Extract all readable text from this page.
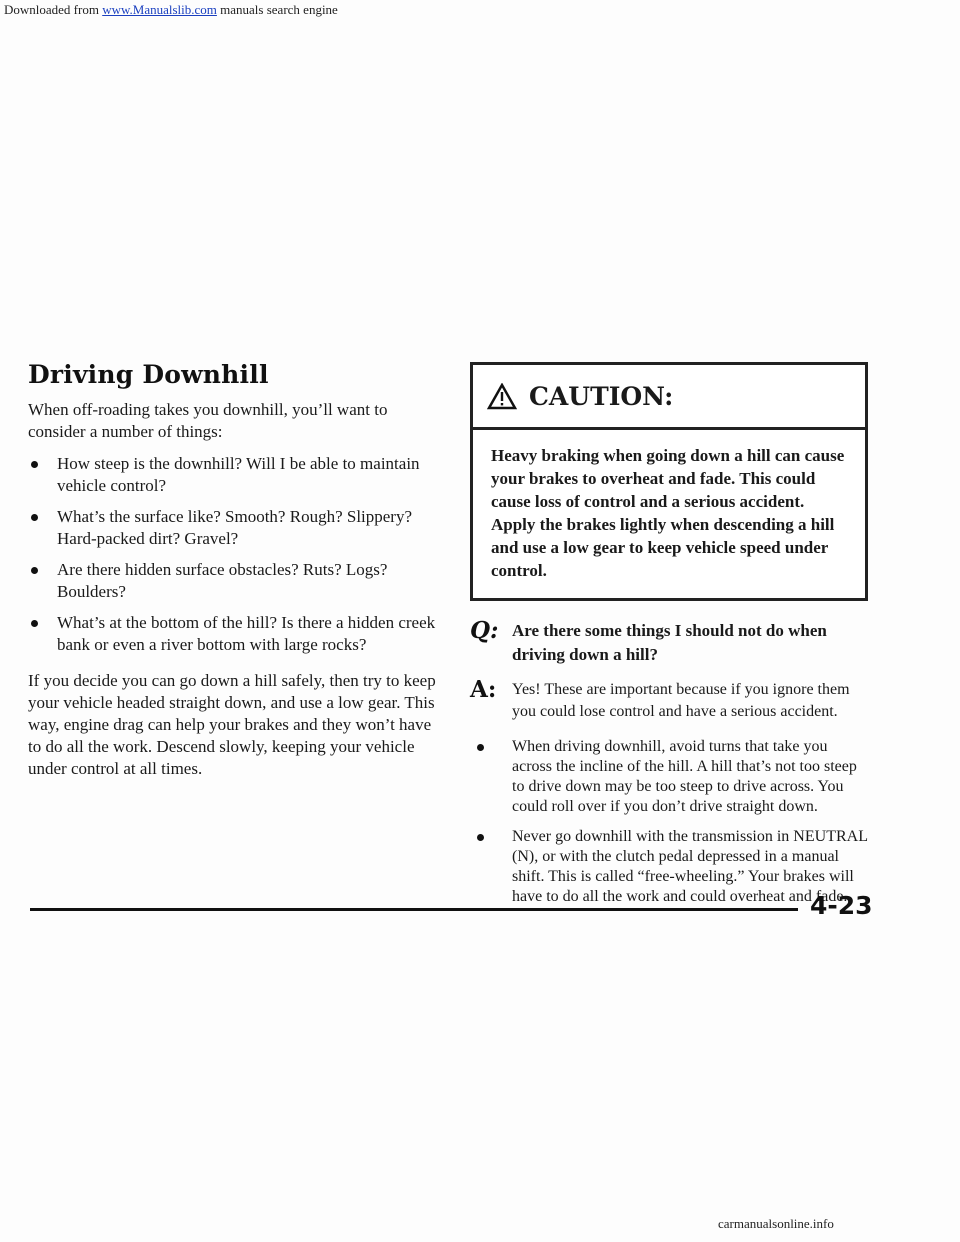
Downloaded from www.Manualslib.com manuals search engine
Driving Downhill

When off-roading takes you downhill, you’ll want to consider a number of things:

How steep is the downhill? Will I be able to maintain vehicle control?
What’s the surface like? Smooth? Rough? Slippery? Hard-packed dirt? Gravel?
Are there hidden surface obstacles? Ruts? Logs? Boulders?
What’s at the bottom of the hill? Is there a hidden creek bank or even a river bottom with large rocks?

If you decide you can go down a hill safely, then try to keep your vehicle headed straight down, and use a low gear. This way, engine drag can help your brakes and they won’t have to do all the work. Descend slowly, keeping your vehicle under control at all times.

CAUTION:
Heavy braking when going down a hill can cause your brakes to overheat and fade. This could cause loss of control and a serious accident. Apply the brakes lightly when descending a hill and use a low gear to keep vehicle speed under control.
Q: Are there some things I should not do when driving down a hill?
A: Yes! These are important because if you ignore them you could lose control and have a serious accident.
When driving downhill, avoid turns that take you across the incline of the hill. A hill that’s not too steep to drive down may be too steep to drive across. You could roll over if you don’t drive straight down.
Never go downhill with the transmission in NEUTRAL (N), or with the clutch pedal depressed in a manual shift. This is called “free-wheeling.” Your brakes will have to do all the work and could overheat and fade.
4-23
carmanualsonline.info
